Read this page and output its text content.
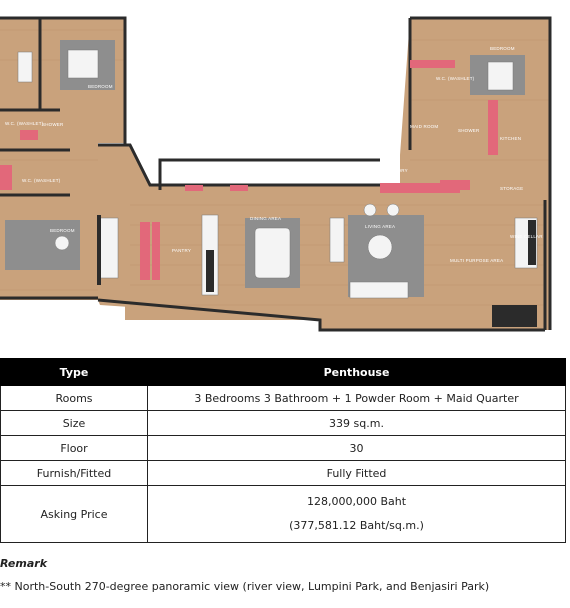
BEDROOM
BEDROOM
BEDROOM
W.C. (WASHLET)
W.C. (WASHLET)
W.C. (WASHLET)
SHOWER
SHOWER
MAID ROOM
KITCHEN
LAUNDRY
STORAGE
DINING AREA
LIVING AREA
PANTRY
MULTI PURPOSE AREA
WINE CELLAR
Type	Penthouse
Rooms	3 Bedrooms 3 Bathroom + 1 Powder Room + Maid Quarter
Size	339 sq.m.
Floor	30
Furnish/Fitted	Fully Fitted
Asking Price	128,000,000 Baht
(377,581.12 Baht/sq.m.)
Remark
** North-South 270-degree panoramic view (river view, Lumpini Park, and Benjasiri Park)
